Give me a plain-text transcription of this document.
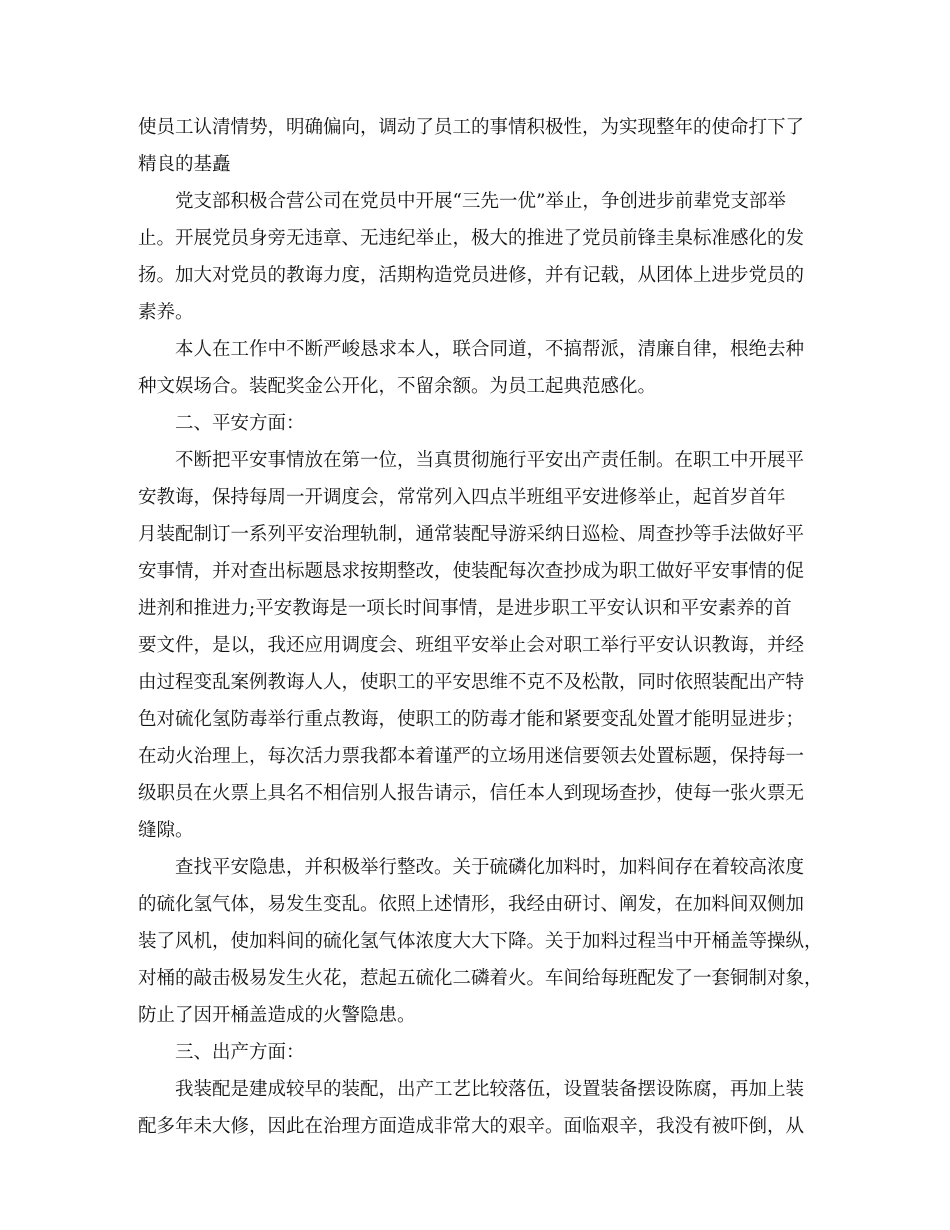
使员工认清情势，明确偏向，调动了员工的事情积极性，为实现整年的使命打下了
精良的基矗
党支部积极合营公司在党员中开展“三先一优”举止，争创进步前辈党支部举
止。开展党员身旁无违章、无违纪举止，极大的推进了党员前锋圭臬标准感化的发
扬。加大对党员的教诲力度，活期构造党员进修，并有记载，从团体上进步党员的
素养。
本人在工作中不断严峻恳求本人，联合同道，不搞帮派，清廉自律，根绝去种
种文娱场合。装配奖金公开化，不留余额。为员工起典范感化。
二、平安方面：
不断把平安事情放在第一位，当真贯彻施行平安出产责任制。在职工中开展平
安教诲，保持每周一开调度会，常常列入四点半班组平安进修举止，起首岁首年
月装配制订一系列平安治理轨制，通常装配导游采纳日巡检、周查抄等手法做好平
安事情，并对查出标题恳求按期整改，使装配每次查抄成为职工做好平安事情的促
进剂和推进力;平安教诲是一项长时间事情，是进步职工平安认识和平安素养的首
要文件，是以，我还应用调度会、班组平安举止会对职工举行平安认识教诲，并经
由过程变乱案例教诲人人，使职工的平安思维不克不及松散，同时依照装配出产特
色对硫化氢防毒举行重点教诲，使职工的防毒才能和紧要变乱处置才能明显进步；
在动火治理上，每次活力票我都本着谨严的立场用迷信要领去处置标题，保持每一
级职员在火票上具名不相信别人报告请示，信任本人到现场查抄，使每一张火票无
缝隙。
查找平安隐患，并积极举行整改。关于硫磷化加料时，加料间存在着较高浓度
的硫化氢气体，易发生变乱。依照上述情形，我经由研讨、阐发，在加料间双侧加
装了风机，使加料间的硫化氢气体浓度大大下降。关于加料过程当中开桶盖等操纵，
对桶的敲击极易发生火花，惹起五硫化二磷着火。车间给每班配发了一套铜制对象，
防止了因开桶盖造成的火警隐患。
三、出产方面：
我装配是建成较早的装配，出产工艺比较落伍，设置装备摆设陈腐，再加上装
配多年未大修，因此在治理方面造成非常大的艰辛。面临艰辛，我没有被吓倒，从
